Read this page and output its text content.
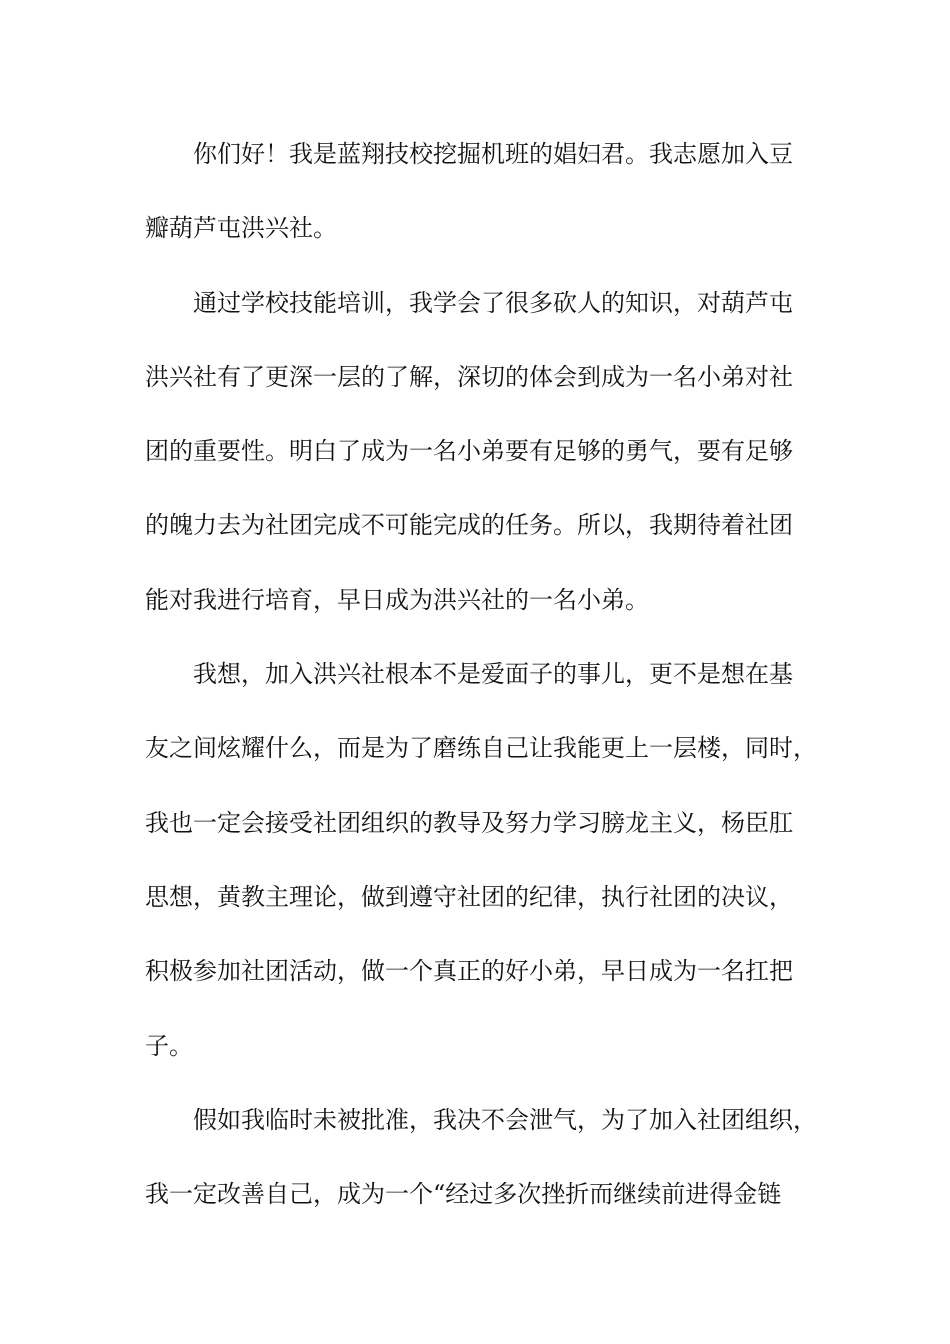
你们好！我是蓝翔技校挖掘机班的娼妇君。我志愿加入豆
瓣葫芦屯洪兴社。
通过学校技能培训，我学会了很多砍人的知识，对葫芦屯
洪兴社有了更深一层的了解，深切的体会到成为一名小弟对社
团的重要性。明白了成为一名小弟要有足够的勇气，要有足够
的魄力去为社团完成不可能完成的任务。所以，我期待着社团
能对我进行培育，早日成为洪兴社的一名小弟。
我想，加入洪兴社根本不是爱面子的事儿，更不是想在基
友之间炫耀什么，而是为了磨练自己让我能更上一层楼，同时，
我也一定会接受社团组织的教导及努力学习膀龙主义，杨臣肛
思想，黄教主理论，做到遵守社团的纪律，执行社团的决议，
积极参加社团活动，做一个真正的好小弟，早日成为一名扛把
子。
假如我临时未被批准，我决不会泄气，为了加入社团组织，
我一定改善自己，成为一个“经过多次挫折而继续前进得金链
